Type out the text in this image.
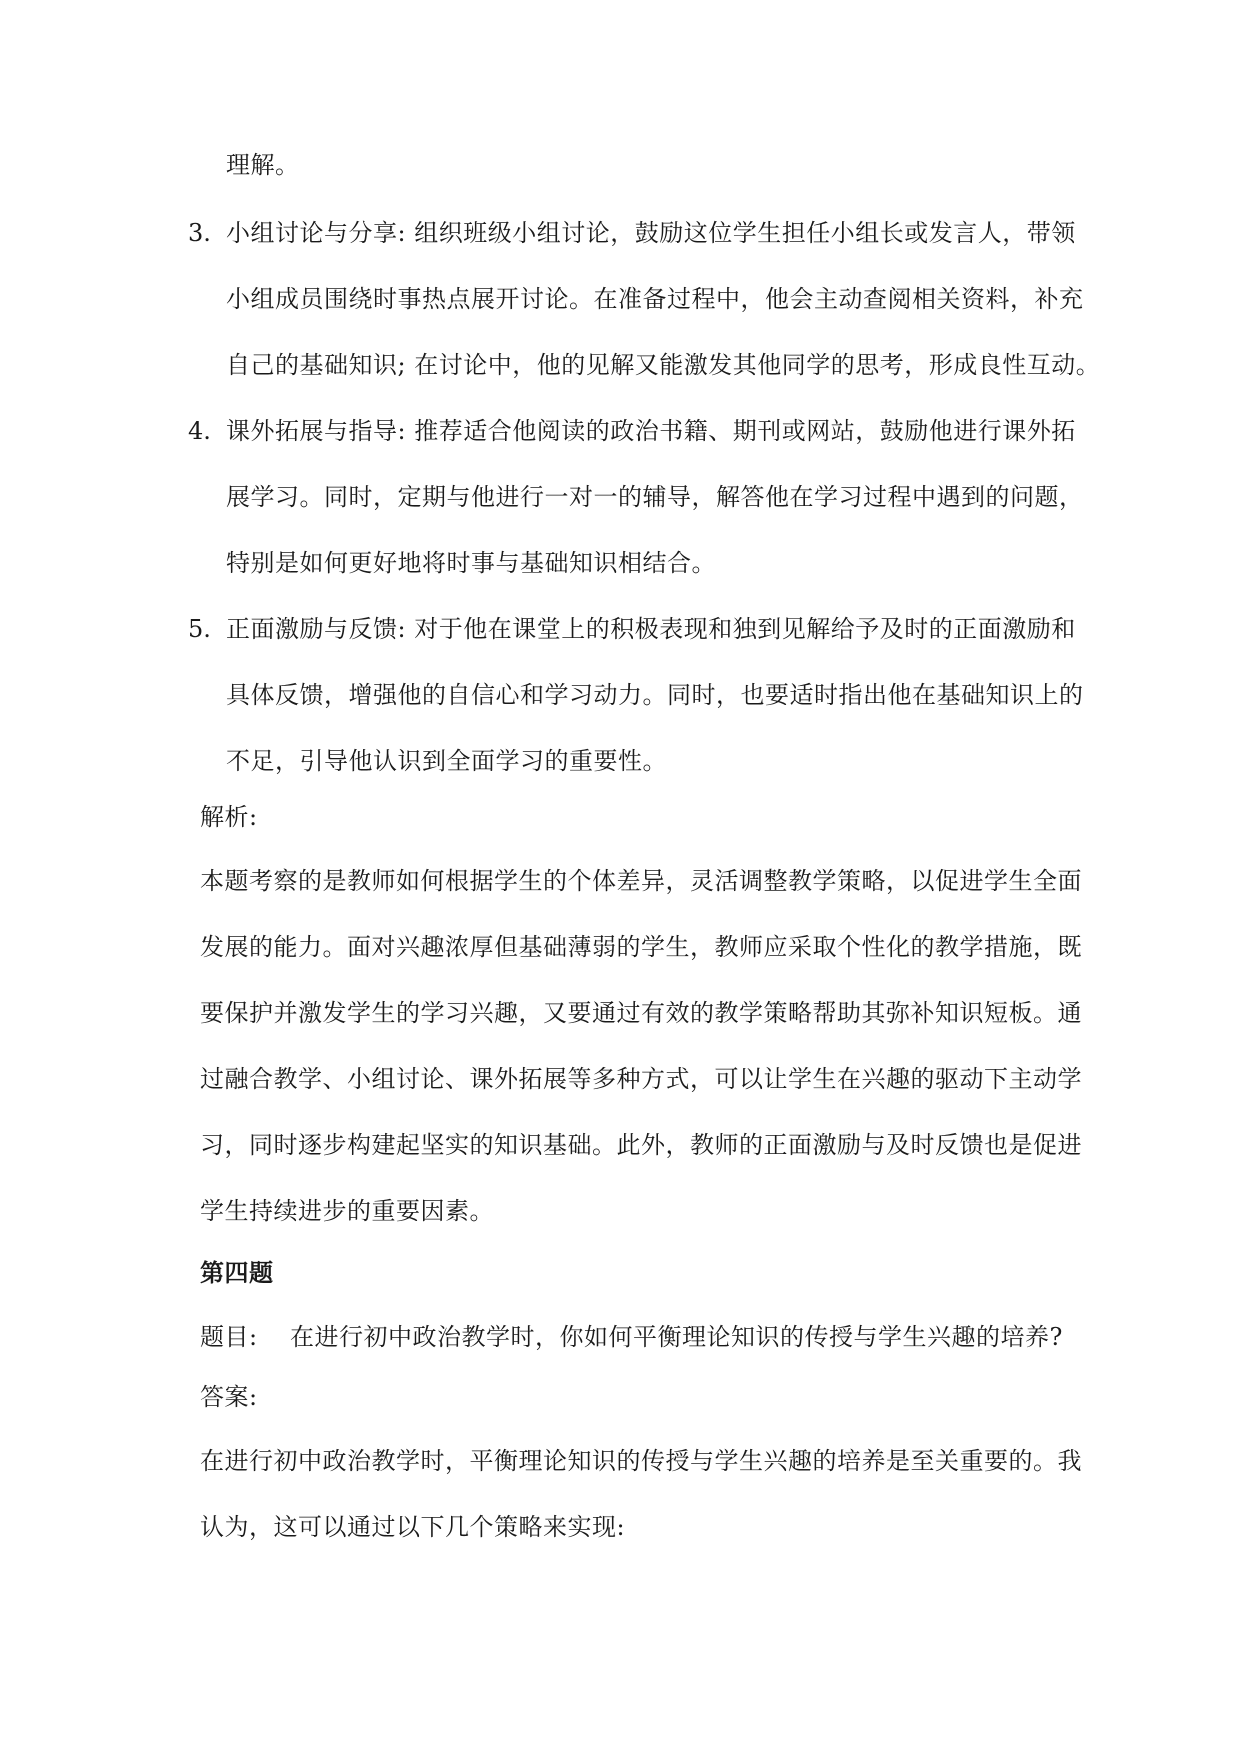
理解。
3. 小组讨论与分享: 组织班级小组讨论，鼓励这位学生担任小组长或发言人，带领
小组成员围绕时事热点展开讨论。在准备过程中，他会主动查阅相关资料，补充
自己的基础知识; 在讨论中，他的见解又能激发其他同学的思考，形成良性互动。
4. 课外拓展与指导: 推荐适合他阅读的政治书籍、期刊或网站，鼓励他进行课外拓
展学习。同时，定期与他进行一对一的辅导，解答他在学习过程中遇到的问题，
特别是如何更好地将时事与基础知识相结合。
5. 正面激励与反馈: 对于他在课堂上的积极表现和独到见解给予及时的正面激励和
具体反馈，增强他的自信心和学习动力。同时，也要适时指出他在基础知识上的
不足，引导他认识到全面学习的重要性。
解析:
本题考察的是教师如何根据学生的个体差异，灵活调整教学策略，以促进学生全面
发展的能力。面对兴趣浓厚但基础薄弱的学生，教师应采取个性化的教学措施，既
要保护并激发学生的学习兴趣，又要通过有效的教学策略帮助其弥补知识短板。通
过融合教学、小组讨论、课外拓展等多种方式，可以让学生在兴趣的驱动下主动学
习，同时逐步构建起坚实的知识基础。此外，教师的正面激励与及时反馈也是促进
学生持续进步的重要因素。
第四题
题目: 在进行初中政治教学时，你如何平衡理论知识的传授与学生兴趣的培养?
答案:
在进行初中政治教学时，平衡理论知识的传授与学生兴趣的培养是至关重要的。我
认为，这可以通过以下几个策略来实现:
